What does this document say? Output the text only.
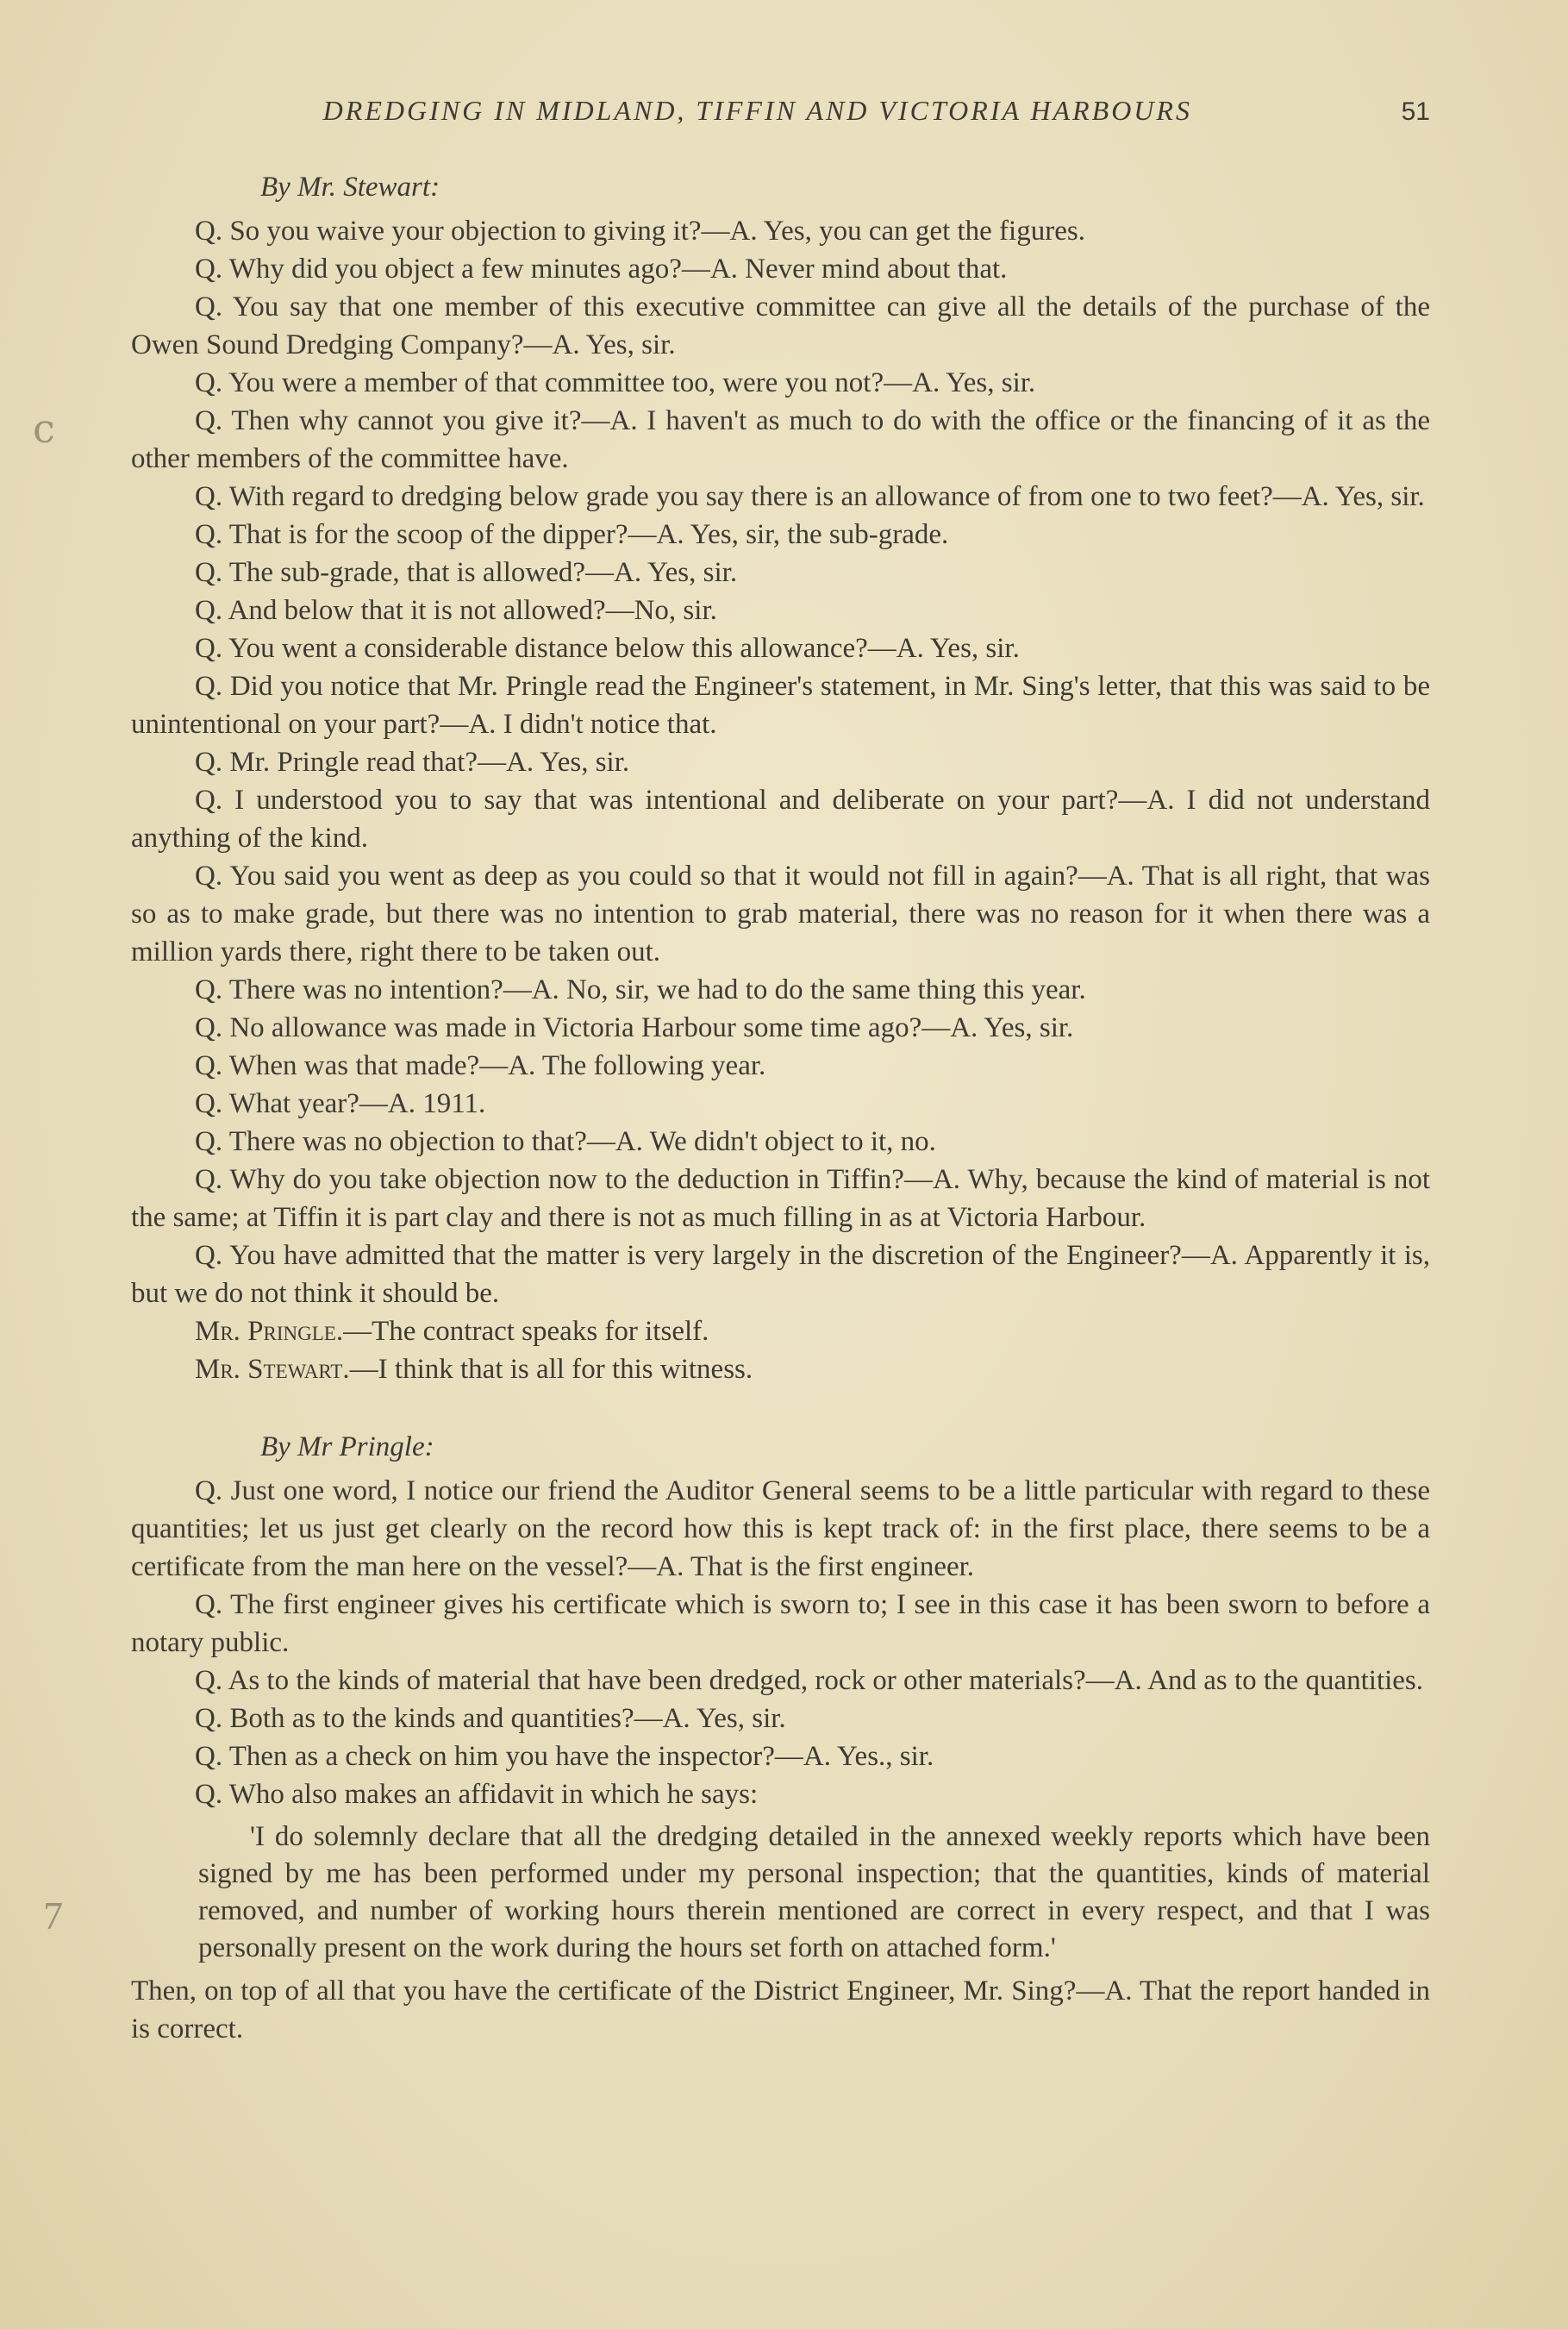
DREDGING IN MIDLAND, TIFFIN AND VICTORIA HARBOURS	51
By Mr. Stewart:

Q. So you waive your objection to giving it?—A. Yes, you can get the figures.

Q. Why did you object a few minutes ago?—A. Never mind about that.

Q. You say that one member of this executive committee can give all the details of the purchase of the Owen Sound Dredging Company?—A. Yes, sir.

Q. You were a member of that committee too, were you not?—A. Yes, sir.

Q. Then why cannot you give it?—A. I haven't as much to do with the office or the financing of it as the other members of the committee have.

Q. With regard to dredging below grade you say there is an allowance of from one to two feet?—A. Yes, sir.

Q. That is for the scoop of the dipper?—A. Yes, sir, the sub-grade.

Q. The sub-grade, that is allowed?—A. Yes, sir.

Q. And below that it is not allowed?—No, sir.

Q. You went a considerable distance below this allowance?—A. Yes, sir.

Q. Did you notice that Mr. Pringle read the Engineer's statement, in Mr. Sing's letter, that this was said to be unintentional on your part?—A. I didn't notice that.

Q. Mr. Pringle read that?—A. Yes, sir.

Q. I understood you to say that was intentional and deliberate on your part?—A. I did not understand anything of the kind.

Q. You said you went as deep as you could so that it would not fill in again?—A. That is all right, that was so as to make grade, but there was no intention to grab material, there was no reason for it when there was a million yards there, right there to be taken out.

Q. There was no intention?—A. No, sir, we had to do the same thing this year.

Q. No allowance was made in Victoria Harbour some time ago?—A. Yes, sir.

Q. When was that made?—A. The following year.

Q. What year?—A. 1911.

Q. There was no objection to that?—A. We didn't object to it, no.

Q. Why do you take objection now to the deduction in Tiffin?—A. Why, because the kind of material is not the same; at Tiffin it is part clay and there is not as much filling in as at Victoria Harbour.

Q. You have admitted that the matter is very largely in the discretion of the Engineer?—A. Apparently it is, but we do not think it should be.

Mr. Pringle.—The contract speaks for itself.

Mr. Stewart.—I think that is all for this witness.

By Mr Pringle:

Q. Just one word, I notice our friend the Auditor General seems to be a little particular with regard to these quantities; let us just get clearly on the record how this is kept track of: in the first place, there seems to be a certificate from the man here on the vessel?—A. That is the first engineer.

Q. The first engineer gives his certificate which is sworn to; I see in this case it has been sworn to before a notary public.

Q. As to the kinds of material that have been dredged, rock or other materials?—A. And as to the quantities.

Q. Both as to the kinds and quantities?—A. Yes, sir.

Q. Then as a check on him you have the inspector?—A. Yes., sir.

Q. Who also makes an affidavit in which he says:

'I do solemnly declare that all the dredging detailed in the annexed weekly reports which have been signed by me has been performed under my personal inspection; that the quantities, kinds of material removed, and number of working hours therein mentioned are correct in every respect, and that I was personally present on the work during the hours set forth on attached form.'

Then, on top of all that you have the certificate of the District Engineer, Mr. Sing?—A. That the report handed in is correct.

ⅽ
7
